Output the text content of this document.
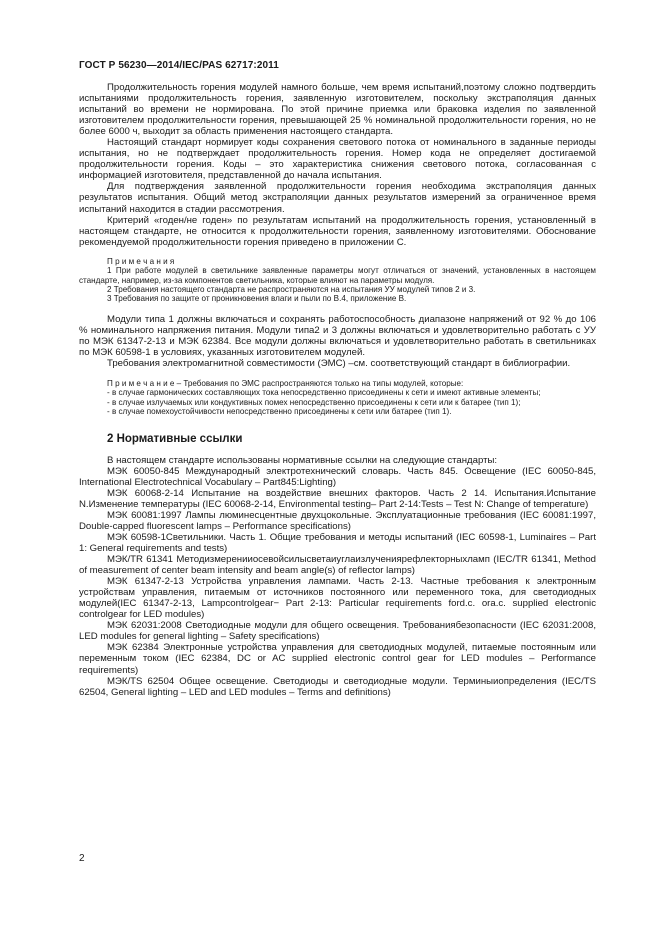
ГОСТ Р 56230—2014/IEC/PAS 62717:2011

Продолжительность горения модулей намного больше, чем время испытаний,поэтому сложно подтвердить испытаниями продолжительность горения, заявленную изготовителем, поскольку экстраполяция данных испытаний во времени не нормирована. По этой причине приемка или браковка изделия по заявленной изготовителем продолжительности горения, превышающей 25 % номинальной продолжительности горения, но не более 6000 ч, выходит за область применения настоящего стандарта.

Настоящий стандарт нормирует коды сохранения светового потока от номинального в заданные периоды испытания, но не подтверждает продолжительность горения. Номер кода не определяет достигаемой продолжительности горения. Коды – это характеристика снижения светового потока, согласованная с информацией изготовителя, представленной до начала испытания.

Для подтверждения заявленной продолжительности горения необходима экстраполяция данных результатов испытания. Общий метод экстраполяции данных результатов измерений за ограниченное время испытаний находится в стадии рассмотрения.

Критерий «годен/не годен» по результатам испытаний на продолжительность горения, установленный в настоящем стандарте, не относится к продолжительности горения, заявленному изготовителями. Обоснование рекомендуемой продолжительности горения приведено в приложении С.

П р и м е ч а н и я

1 При работе модулей в светильнике заявленные параметры могут отличаться от значений, установленных в настоящем стандарте, например, из-за компонентов светильника, которые влияют на параметры модуля.

2 Требования настоящего стандарта не распространяются на испытания УУ модулей типов 2 и 3.

3 Требования по защите от проникновения влаги и пыли по В.4, приложение В.

Модули типа 1 должны включаться и сохранять работоспособность диапазоне напряжений от 92 % до 106 % номинального напряжения питания. Модули типа2 и 3 должны включаться и удовлетворительно работать с УУ по МЭК 61347-2-13 и МЭК 62384. Все модули должны включаться и удовлетворительно работать в светильниках по МЭК 60598-1 в условиях, указанных изготовителем модулей.

Требования электромагнитной совместимости (ЭМС) –см. соответствующий стандарт в библиографии.

П р и м е ч а н и е – Требования по ЭМС распространяются только на типы модулей, которые:

- в случае гармонических составляющих тока непосредственно присоединены к сети и имеют активные элементы;

- в случае излучаемых или кондуктивных помех непосредственно присоединены к сети или к батарее (тип 1);

- в случае помехоустойчивости непосредственно присоединены к сети или батарее (тип 1).

2 Нормативные ссылки

В настоящем стандарте использованы нормативные ссылки на следующие стандарты:

МЭК 60050-845 Международный электротехнический словарь. Часть 845. Освещение (IEC 60050-845, International Electrotechnical Vocabulary – Part845:Lighting)

МЭК 60068-2-14 Испытание на воздействие внешних факторов. Часть 2 14. Испытания.Испытание N.Изменение температуры (IEC 60068-2-14, Environmental testing– Part 2-14:Tests – Test N: Change of temperature)

МЭК 60081:1997 Лампы люминесцентные двухцокольные. Эксплуатационные требования (IEC 60081:1997, Double-capped fluorescent lamps – Performance specifications)

МЭК 60598-1Светильники. Часть 1. Общие требования и методы испытаний (IEC 60598-1, Luminaires – Part 1: General requirements and tests)

МЭК/TR 61341 Методизмеренииосевойсилысветаиуглаизлучениярефлекторныхламп (IEC/TR 61341, Method of measurement of center beam intensity and beam angle(s) of reflector lamps)

МЭК 61347-2-13 Устройства управления лампами. Часть 2-13. Частные требования к электронным устройствам управления, питаемым от источников постоянного или переменного тока, для светодиодных модулей(IEC 61347-2-13, Lampcontrolgear− Part 2-13: Particular requirements ford.c. ora.c. supplied electronic controlgear for LED modules)

МЭК 62031:2008 Светодиодные модули для общего освещения. Требованиябезопасности (IEC 62031:2008, LED modules for general lighting – Safety specifications)

МЭК 62384 Электронные устройства управления для светодиодных модулей, питаемые постоянным или переменным током (IEC 62384, DC or AC supplied electronic control gear for LED modules – Performance requirements)

МЭК/TS 62504 Общее освещение. Светодиоды и светодиодные модули. Терминыиопределения (IEC/TS 62504, General lighting – LED and LED modules – Terms and definitions)

2
